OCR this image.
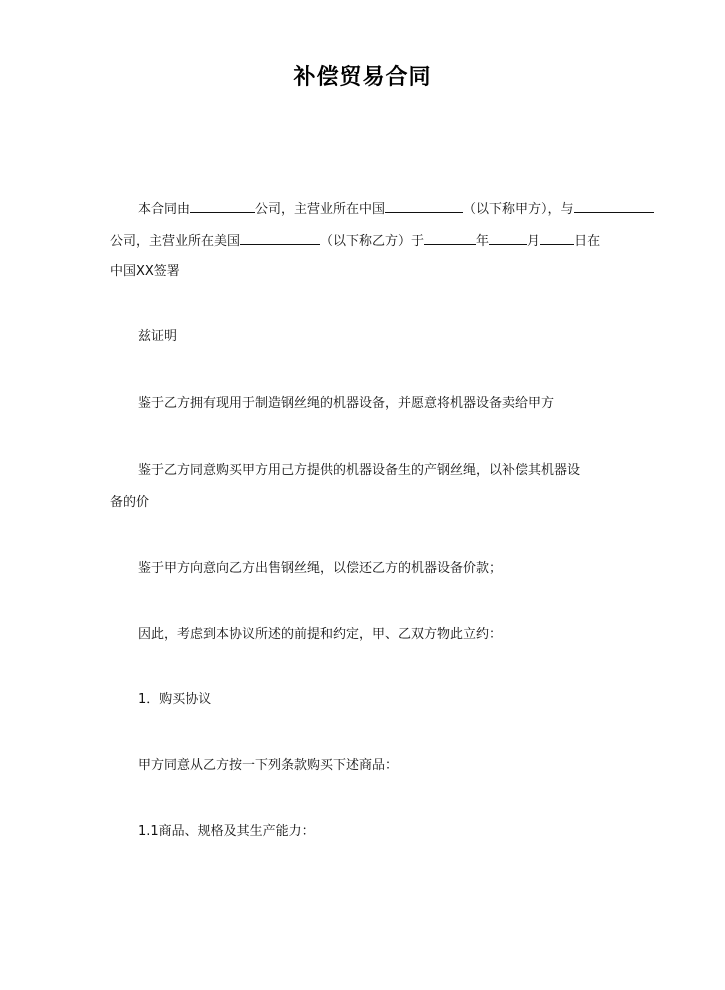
补偿贸易合同
本合同由	公司，主营业所在中国	（以下称甲方），与
公司，主营业所在美国	（以下称乙方）于	年	月	日在
中国XX签署
兹证明
鉴于乙方拥有现用于制造钢丝绳的机器设备，并愿意将机器设备卖给甲方
鉴于乙方同意购买甲方用己方提供的机器设备生的产钢丝绳，以补偿其机器设
备的价
鉴于甲方向意向乙方出售钢丝绳，以偿还乙方的机器设备价款；
因此，考虑到本协议所述的前提和约定，甲、乙双方物此立约：
1．购买协议
甲方同意从乙方按一下列条款购买下述商品：
1.1商品、规格及其生产能力：
